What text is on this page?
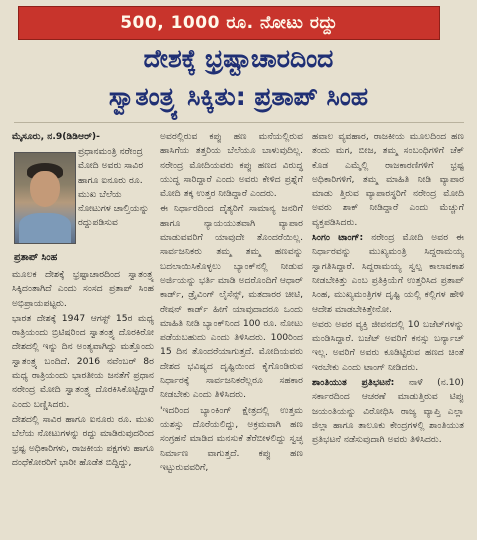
500, 1000 ರೂ. ನೋಟು ರದ್ದು
ದೇಶಕ್ಕೆ ಭ್ರಷ್ಟಾಚಾರದಿಂದ
ಸ್ವಾತಂತ್ರ್ಯ ಸಿಕ್ಕಿತು: ಪ್ರತಾಪ್ ಸಿಂಹ

ಮೈಸೂರು, ನ.9(ಡಿಡಿಆರ್)-

ಪ್ರಧಾನಮಂತ್ರಿ ನರೇಂದ್ರ ಮೋದಿ ಅವರು ಸಾವಿರ ಹಾಗೂ ಐನೂರು ರೂ. ಮುಖ ಬೆಲೆಯ ನೋಟುಗಳ ಚಾಲ್ತಿಯನ್ನು ರದ್ದುಪಡಿಸುವ

ಪ್ರತಾಪ್ ಸಿಂಹ

ಮೂಲಕ ದೇಶಕ್ಕೆ ಭ್ರಷ್ಟಾಚಾರದಿಂದ ಸ್ವಾತಂತ್ರ್ಯ ಸಿಕ್ಕಿದಂತಾಗಿದೆ ಎಂದು ಸಂಸದ ಪ್ರತಾಪ್ ಸಿಂಹ ಅಭಿಪ್ರಾಯಪಟ್ಟರು.

ಭಾರತ ದೇಶಕ್ಕೆ 1947 ಆಗಸ್ಟ್ 15ರ ಮಧ್ಯ ರಾತ್ರಿಯಂದು ಬ್ರಿಟಿಷರಿಂದ ಸ್ವಾತಂತ್ರ್ಯ ದೊರಕಿರೋ ದೇಶದಲ್ಲಿ ಇನ್ನು ದಿನ ಅಂತ್ಯವಾಗಿದ್ದು ಮತ್ತೊಂದು ಸ್ವಾತಂತ್ರ್ಯ ಬಂದಿದೆ. 2016 ನವೆಂಬರ್ 8ರ ಮಧ್ಯ ರಾತ್ರಿಯಂದು ಭಾರತೀಯ ಜನತೆಗೆ ಪ್ರಧಾನ ನರೇಂದ್ರ ಮೋದಿ ಸ್ವಾತಂತ್ರ್ಯ ದೊರಕಿಸಿಕೊಟ್ಟಿದ್ದಾರೆ ಎಂದು ಬಣ್ಣಿಸಿದರು.

ದೇಶದಲ್ಲಿ ಸಾವಿರ ಹಾಗೂ ಐನೂರು ರೂ. ಮುಖ ಬೆಲೆಯ ನೋಟುಗಳನ್ನು ರದ್ದು ಮಾಡಿರುವುದರಿಂದ ಭ್ರಷ್ಟ ಅಧಿಕಾರಿಗಳು, ರಾಜಕೀಯ ಪಕ್ಷಗಳು ಹಾಗೂ ದಂಧೆಕೋರರಿಗೆ ಭಾರೀ ಹೊಡೆತ ಬಿದ್ದಿದ್ದು,

ಅವರಲ್ಲಿರುವ ಕಪ್ಪು ಹಣ ಮನೆಯಲ್ಲಿರುವ ಹಾಸಿಗೆಯ ತತ್ತರಿಯ ಬೆಲೆಯೂ ಬಾಳುವುದಿಲ್ಲ. ನರೇಂದ್ರ ಮೋದಿಯವರು ಕಪ್ಪು ಹಣದ ವಿರುದ್ಧ ಯುದ್ಧ ಸಾರಿದ್ದಾರೆ ಎಂದು ಅವರು ಕೇಳಿದ ಪ್ರಶ್ನೆಗೆ ಮೋದಿ ತಕ್ಕ ಉತ್ತರ ನೀಡಿದ್ದಾರೆ ಎಂದರು.

ಈ ನಿರ್ಧಾರದಿಂದ ದೈತ್ಯರಿಗೆ ಸಾಮಾನ್ಯ ಜನರಿಗೆ ಹಾಗೂ ನ್ಯಾಯಯುತವಾಗಿ ವ್ಯಾಪಾರ ಮಾಡುವವರಿಗೆ ಯಾವುದೇ ತೊಂದರೆಯಿಲ್ಲ. ಸಾರ್ವಜನಿಕರು ತಮ್ಮ ತಮ್ಮ ಹಣವನ್ನು ಬದಲಾಯಿಸಿಕೊಳ್ಳಲು ಬ್ಯಾಂಕ್‌ನಲ್ಲಿ ನೀಡುವ ಅರ್ಜಿಯನ್ನು ಭರ್ತಿ ಮಾಡಿ ಅದರೊಂದಿಗೆ ಆಧಾರ್ ಕಾರ್ಡ್, ಡ್ರೈವಿಂಗ್ ಲೈಸೆನ್ಸ್, ಮತದಾರರ ಚೀಟಿ, ರೇಷನ್ ಕಾರ್ಡ್ ಹೀಗೆ ಯಾವುದಾದರೂ ಒಂದು ಮಾಹಿತಿ ನೀಡಿ ಬ್ಯಾಂಕ್‌ನಿಂದ 100 ರೂ. ನೋಟು ಪಡೆಯಬಹುದು ಎಂದು ತಿಳಿಸಿದರು. 100ರಿಂದ 15 ದಿನ ತೊಂದರೆಯಾಗುತ್ತದೆ. ಮೋದಿಯವರು ದೇಶದ ಭವಿಷ್ಯದ ದೃಷ್ಟಿಯಿಂದ ಕೈಗೊಂಡಿರುವ ನಿರ್ಧಾರಕ್ಕೆ ಸಾರ್ವಜನಿಕರೆಲ್ಲರೂ ಸಹಕಾರ ನೀಡಬೇಕು ಎಂದು ತಿಳಿಸಿದರು.

'ಇದರಿಂದ ಬ್ಯಾಂಕಿಂಗ್ ಕ್ಷೇತ್ರದಲ್ಲಿ ಉತ್ತಮ ಯಶಸ್ಸು ದೊರೆಯಲಿದ್ದು, ಅಕ್ರಮವಾಗಿ ಹಣ ಸಂಗ್ರಹನೆ ಮಾಡಿದ ಮನಸುಕೆ ತೆರೆಬೀಳಲಿದ್ದು ಸ್ವಚ್ಛ ನಿರ್ಮಾಣ ವಾಗುತ್ತದೆ. ಕಪ್ಪು ಹಣ ಇಟ್ಟುರುವವರಿಗೆ,

ಹವಾಲ ವ್ಯವಹಾರ, ರಾಜಕೀಯ ಮೂಲದಿಂದ ಹಣ ತಂದು ಮಗ, ಬೀಜ, ತಮ್ಮ ಸಂಬಂಧಿಗಳಿಗೆ ಚೆಕ್ ಕೊಡ ಎಮ್ಮೆಲ್ಲಿ ರಾಜಕಾರಣಿಗಳಿಗೆ ಭ್ರಷ್ಟ ಅಧಿಕಾರಿಗಳಿಗೆ, ತಮ್ಮ ಮಾಹಿತಿ ನೀಡಿ ವ್ಯಾಪಾರ ಮಾಡು ತ್ತಿರುವ ವ್ಯಾಪಾರಸ್ಥರಿಗೆ ನರೇಂದ್ರ ಮೋದಿ ಅವರು ಶಾಕ್ ನೀಡಿದ್ದಾರೆ ಎಂದು ಮೆಚ್ಚುಗೆ ವ್ಯಕ್ತಪಡಿಸಿದರು.

ಸಿಂಗಂ ಟಾಂಗ್: ನರೇಂದ್ರ ಮೋದಿ ಅವರ ಈ ನಿರ್ಧಾರವನ್ನು ಮುಖ್ಯಮಂತ್ರಿ ಸಿದ್ದರಾಮಯ್ಯ ಸ್ವಾಗತಿಸಿದ್ದಾರೆ. ಸಿದ್ದರಾಮಯ್ಯ ಸ್ವಲ್ಪ ಕಾಲಾವಕಾಶ ನೀಡಬೇಕಿತ್ತು ಎಂಬ ಪ್ರತಿಕ್ರಿಯೆಗೆ ಉತ್ತರಿಸಿದ ಪ್ರತಾಪ್ ಸಿಂಹ, ಮುಖ್ಯಮಂತ್ರಿಗಳ ದೃಷ್ಟಿ ಯಲ್ಲಿ ಕಲ್ಲಿಗಳ ಹೇಳಿ ಆದೇಶ ಮಾಡಬೇಕಿತ್ತೇನೋ.

ಅವರು ಅವರ ವ್ಯಕ್ತಿ ಜೀವನದಲ್ಲಿ 10 ಬಜೆಟ್‌ಗಳನ್ನು ಮಂಡಿಸಿದ್ದಾರೆ. ಬಜೆಟ್ ಅವರಿಗೆ ಕನಸ್ಸು ಬರ್ನ್ಯಾಚ್ ಇಲ್ಲ. ಅವರಿಗೆ ಅವರು ಕೂಡಿಟ್ಟಿರುವ ಹಣದ ಚಿಂತೆ ಇರಬೇಕು ಎಂದು ಟಾಂಗ್ ನೀಡಿದರು.

ಶಾಂತಿಯುತ ಪ್ರತಿಭಟನೆ: ನಾಳೆ (ನ.10) ಸರ್ಕಾರದಿಂದ ಆಚರಣೆ ಮಾಡುತ್ತಿರುವ ಟಿಪ್ಪು ಜಯಂತಿಯನ್ನು ವಿರೋಧಿಸಿ ರಾಜ್ಯ ವ್ಯಾಪ್ತಿ ಎಲ್ಲಾ ಜಿಲ್ಲಾ ಹಾಗೂ ತಾಲೂಕು ಕೇಂದ್ರಗಳಲ್ಲಿ ಶಾಂತಿಯುತ ಪ್ರತಿಭಟನೆ ನಡೆಸುವುದಾಗಿ ಅವರು ತಿಳಿಸಿದರು.
